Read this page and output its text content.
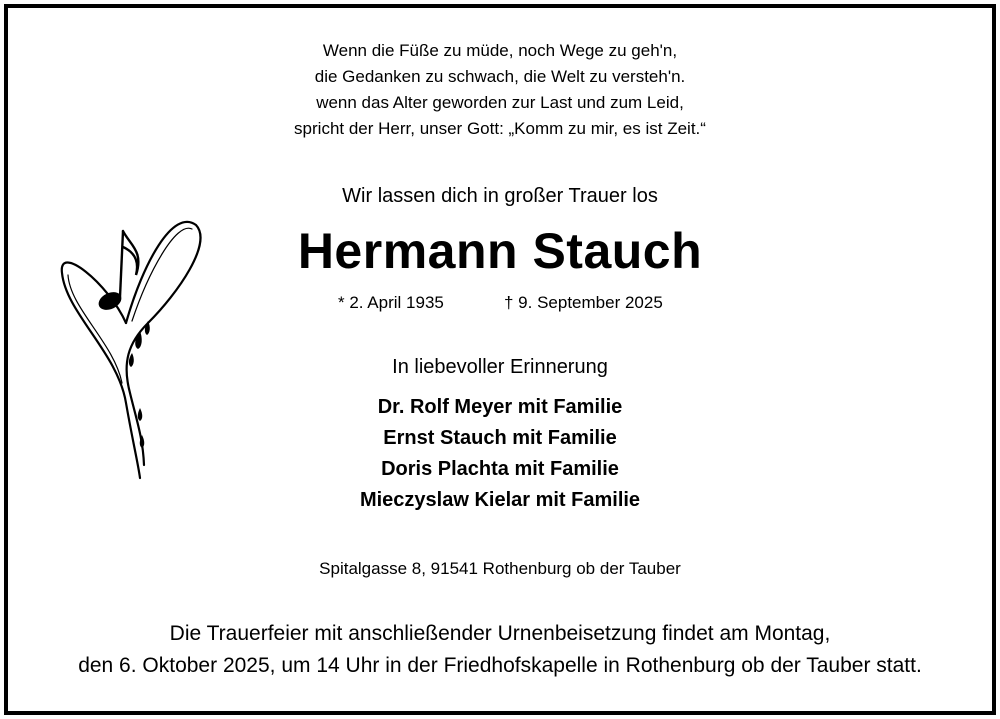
Wenn die Füße zu müde, noch Wege zu geh'n,
die Gedanken zu schwach, die Welt zu versteh'n.
wenn das Alter geworden zur Last und zum Leid,
spricht der Herr, unser Gott: „Komm zu mir, es ist Zeit.“
Wir lassen dich in großer Trauer los
Hermann Stauch
* 2. April 1935	† 9. September 2025
In liebevoller Erinnerung
Dr. Rolf Meyer mit Familie
Ernst Stauch mit Familie
Doris Plachta mit Familie
Mieczyslaw Kielar mit Familie
Spitalgasse 8, 91541 Rothenburg ob der Tauber
Die Trauerfeier mit anschließender Urnenbeisetzung findet am Montag,
den 6. Oktober 2025, um 14 Uhr in der Friedhofskapelle in Rothenburg ob der Tauber statt.
